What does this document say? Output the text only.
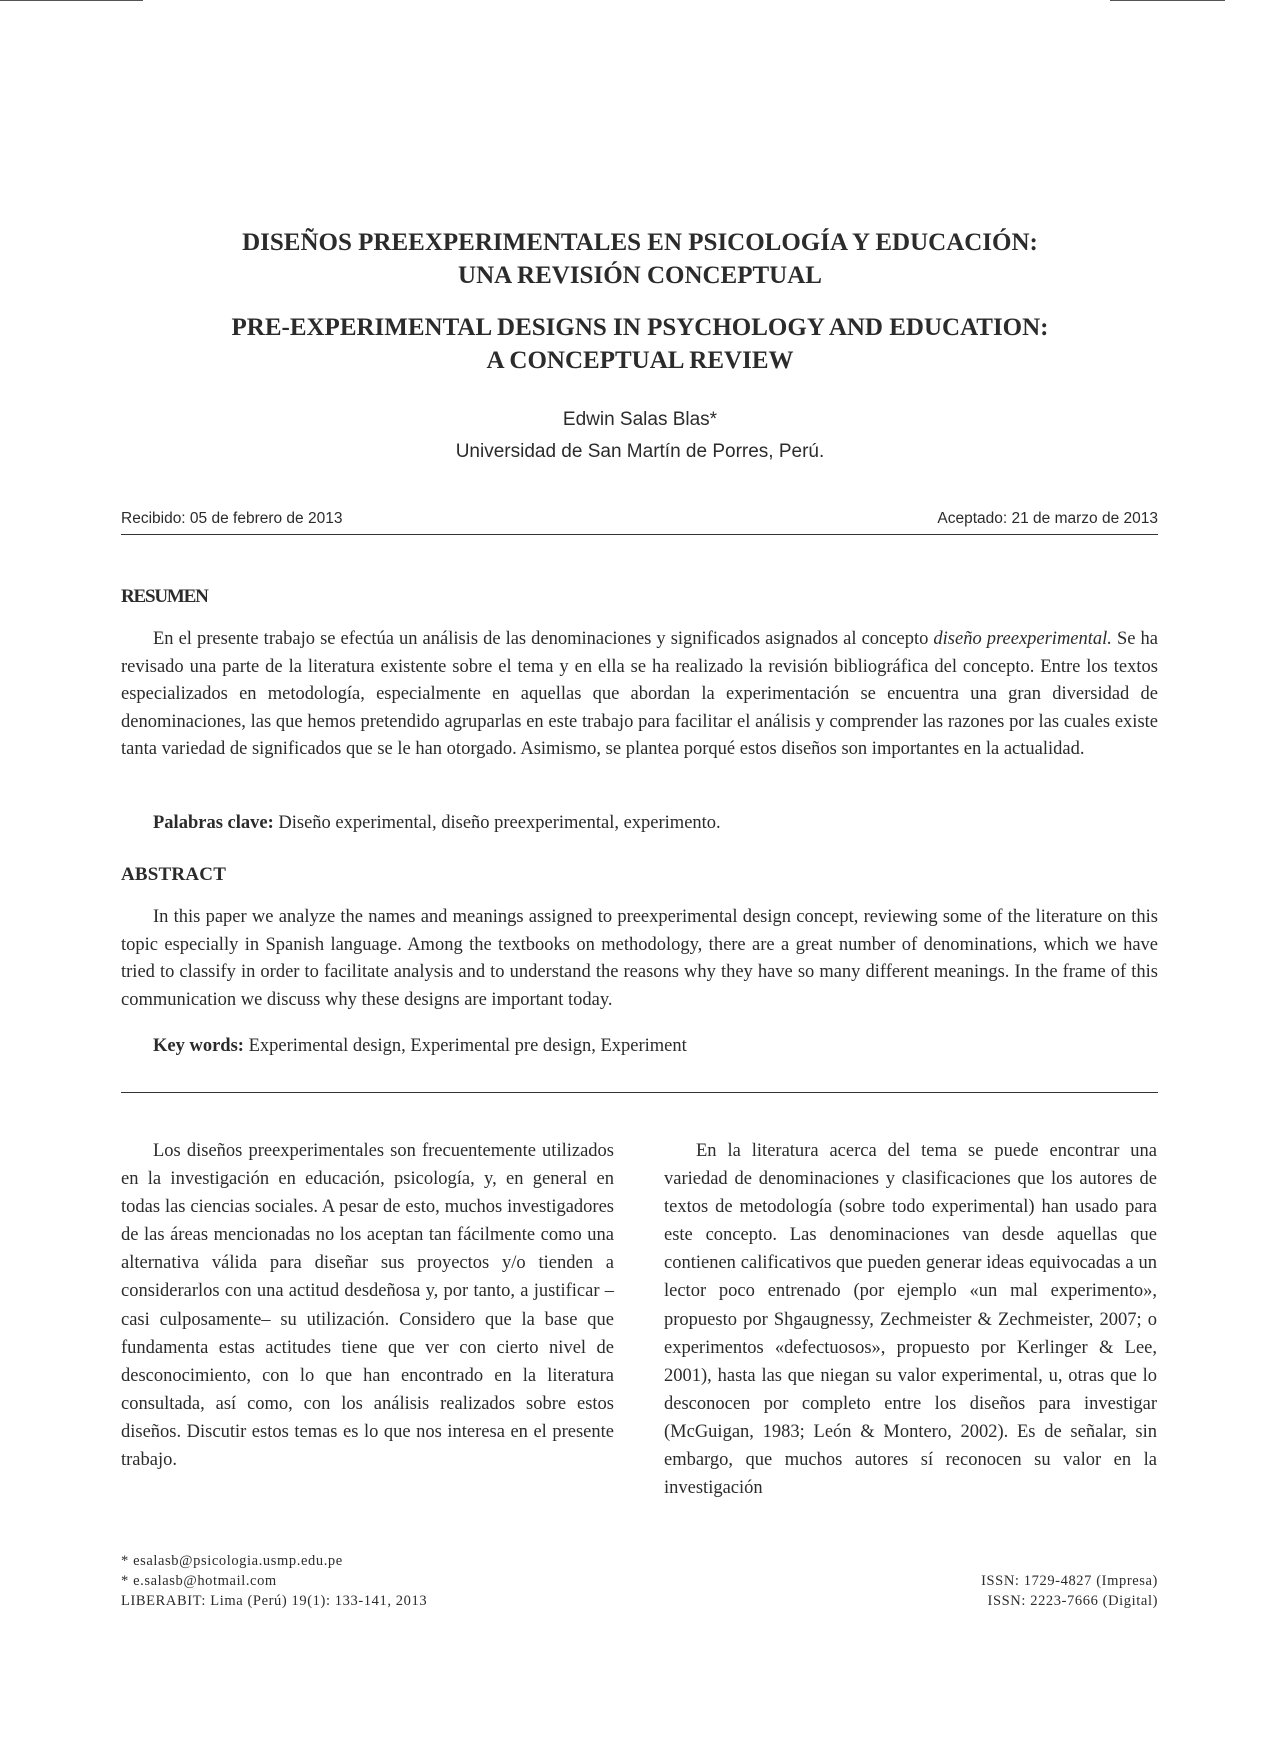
DISEÑOS PREEXPERIMENTALES EN PSICOLOGÍA Y EDUCACIÓN:
UNA REVISIÓN CONCEPTUAL
PRE-EXPERIMENTAL DESIGNS IN PSYCHOLOGY AND EDUCATION:
A CONCEPTUAL REVIEW
Edwin Salas Blas*
Universidad de San Martín de Porres, Perú.
Recibido: 05 de febrero de 2013	Aceptado: 21 de marzo de 2013
RESUMEN

En el presente trabajo se efectúa un análisis de las denominaciones y significados asignados al concepto diseño preexperimental. Se ha revisado una parte de la literatura existente sobre el tema y en ella se ha realizado la revisión bibliográfica del concepto. Entre los textos especializados en metodología, especialmente en aquellas que abordan la experimentación se encuentra una gran diversidad de denominaciones, las que hemos pretendido agruparlas en este trabajo para facilitar el análisis y comprender las razones por las cuales existe tanta variedad de significados que se le han otorgado. Asimismo, se plantea porqué estos diseños son importantes en la actualidad.

Palabras clave: Diseño experimental, diseño preexperimental, experimento.
ABSTRACT

In this paper we analyze the names and meanings assigned to preexperimental design concept, reviewing some of the literature on this topic especially in Spanish language. Among the textbooks on methodology, there are a great number of denominations, which we have tried to classify in order to facilitate analysis and to understand the reasons why they have so many different meanings. In the frame of this communication we discuss why these designs are important today.

Key words: Experimental design, Experimental pre design, Experiment

Los diseños preexperimentales son frecuentemente utilizados en la investigación en educación, psicología, y, en general en todas las ciencias sociales. A pesar de esto, muchos investigadores de las áreas mencionadas no los aceptan tan fácilmente como una alternativa válida para diseñar sus proyectos y/o tienden a considerarlos con una actitud desdeñosa y, por tanto, a justificar –casi culposamente– su utilización. Considero que la base que fundamenta estas actitudes tiene que ver con cierto nivel de desconocimiento, con lo que han encontrado en la literatura consultada, así como, con los análisis realizados sobre estos diseños. Discutir estos temas es lo que nos interesa en el presente trabajo.

En la literatura acerca del tema se puede encontrar una variedad de denominaciones y clasificaciones que los autores de textos de metodología (sobre todo experimental) han usado para este concepto. Las denominaciones van desde aquellas que contienen calificativos que pueden generar ideas equivocadas a un lector poco entrenado (por ejemplo «un mal experimento», propuesto por Shgaugnessy, Zechmeister & Zechmeister, 2007; o experimentos «defectuosos», propuesto por Kerlinger & Lee, 2001), hasta las que niegan su valor experimental, u, otras que lo desconocen por completo entre los diseños para investigar (McGuigan, 1983; León & Montero, 2002). Es de señalar, sin embargo, que muchos autores sí reconocen su valor en la investigación

* esalasb@psicologia.usmp.edu.pe
* e.salasb@hotmail.com
LIBERABIT: Lima (Perú) 19(1): 133-141, 2013
ISSN: 1729-4827 (Impresa)
ISSN: 2223-7666 (Digital)
